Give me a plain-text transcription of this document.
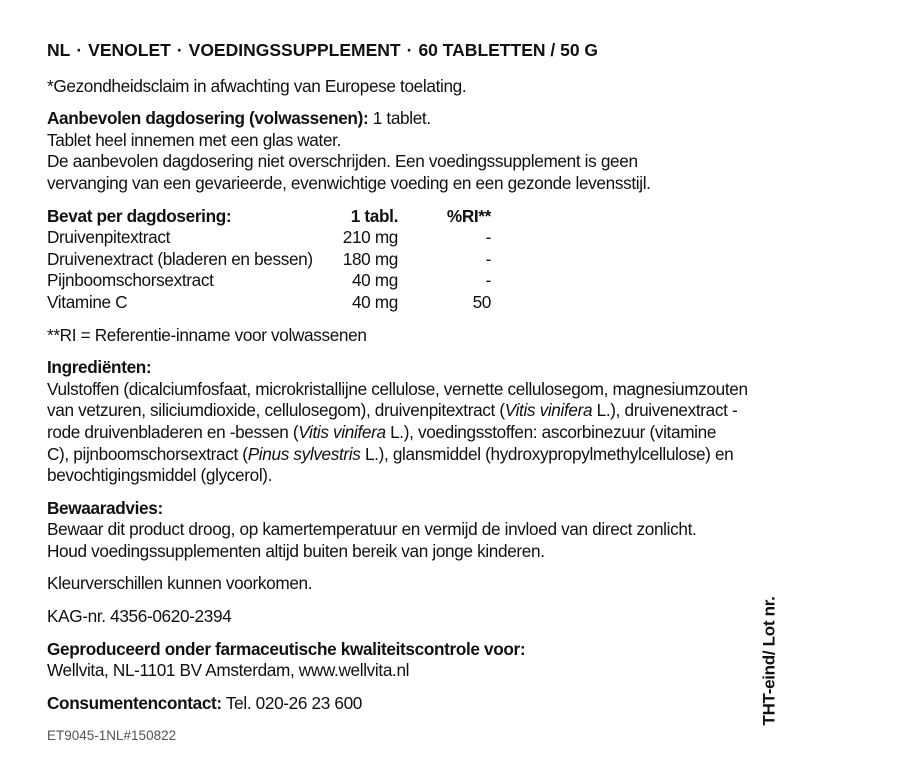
NL · VENOLET · VOEDINGSSUPPLEMENT · 60 TABLETTEN / 50 G
*Gezondheidsclaim in afwachting van Europese toelating.
Aanbevolen dagdosering (volwassenen): 1 tablet.
Tablet heel innemen met een glas water.
De aanbevolen dagdosering niet overschrijden. Een voedingssupplement is geen
vervanging van een gevarieerde, evenwichtige voeding en een gezonde levensstijl.
Bevat per dagdosering:	1 tabl.	%RI**
Druivenpitextract	210 mg	-
Druivenextract (bladeren en bessen)	180 mg	-
Pijnboomschorsextract	40 mg	-
Vitamine C	40 mg	50
**RI = Referentie-inname voor volwassenen
Ingrediënten:
Vulstoffen (dicalciumfosfaat, microkristallijne cellulose, vernette cellulosegom, magnesiumzouten
van vetzuren, siliciumdioxide, cellulosegom), druivenpitextract (Vitis vinifera L.), druivenextract -
rode druivenbladeren en -bessen (Vitis vinifera L.), voedingsstoffen: ascorbinezuur (vitamine
C), pijnboomschorsextract (Pinus sylvestris L.), glansmiddel (hydroxypropylmethylcellulose) en
bevochtigingsmiddel (glycerol).
Bewaaradvies:
Bewaar dit product droog, op kamertemperatuur en vermijd de invloed van direct zonlicht.
Houd voedingssupplementen altijd buiten bereik van jonge kinderen.
Kleurverschillen kunnen voorkomen.
KAG-nr. 4356-0620-2394
Geproduceerd onder farmaceutische kwaliteitscontrole voor:
Wellvita, NL-1101 BV Amsterdam, www.wellvita.nl
Consumentencontact: Tel. 020-26 23 600
ET9045-1NL#150822
THT-eind/ Lot nr.
